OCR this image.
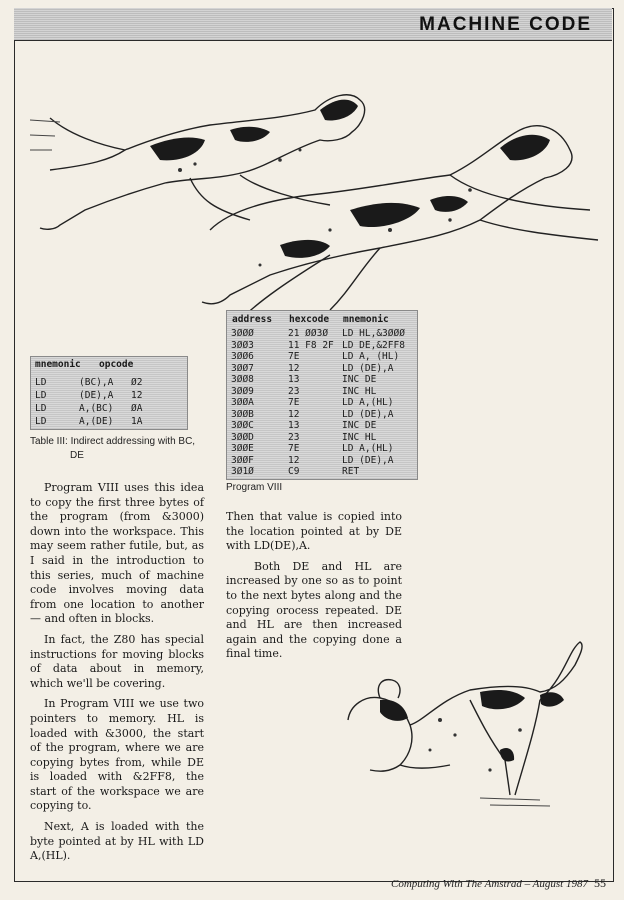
MACHINE CODE
mnemonic opcode
LD	(BC),A Ø2
LD	(DE),A 12
LD	A,(BC) ØA
LD	A,(DE) 1A
Table III: Indirect addressing with BC,
DE
address hexcode mnemonic
3ØØØ	21 ØØ3Ø LD HL,&3ØØØ
3ØØ3	11 F8 2F LD DE,&2FF8
3ØØ6	7E	LD A, (HL)
3ØØ7	12	LD (DE),A
3ØØ8	13	INC DE
3ØØ9	23	INC HL
3ØØA	7E	LD A,(HL)
3ØØB	12	LD (DE),A
3ØØC	13	INC DE
3ØØD	23	INC HL
3ØØE	7E	LD A,(HL)
3ØØF	12	LD (DE),A
3Ø1Ø	C9	RET
Program VIII

Program VIII uses this idea to copy the first three bytes of the program (from &3000) down into the workspace. This may seem rather futile, but, as I said in the introduction to this series, much of machine code involves moving data from one location to another — and often in blocks.

In fact, the Z80 has special instructions for moving blocks of data about in memory, which we'll be covering.

In Program VIII we use two pointers to memory. HL is loaded with &3000, the start of the program, where we are copying bytes from, while DE is loaded with &2FF8, the start of the workspace we are copying to.

Next, A is loaded with the byte pointed at by HL with LD A,(HL).

Then that value is copied into the location pointed at by DE with LD(DE),A.

Both DE and HL are increased by one so as to point to the next bytes along and the copying orocess repeated. DE and HL are then increased again and the copying done a final time.

Computing With The Amstrad – August 1987 55
